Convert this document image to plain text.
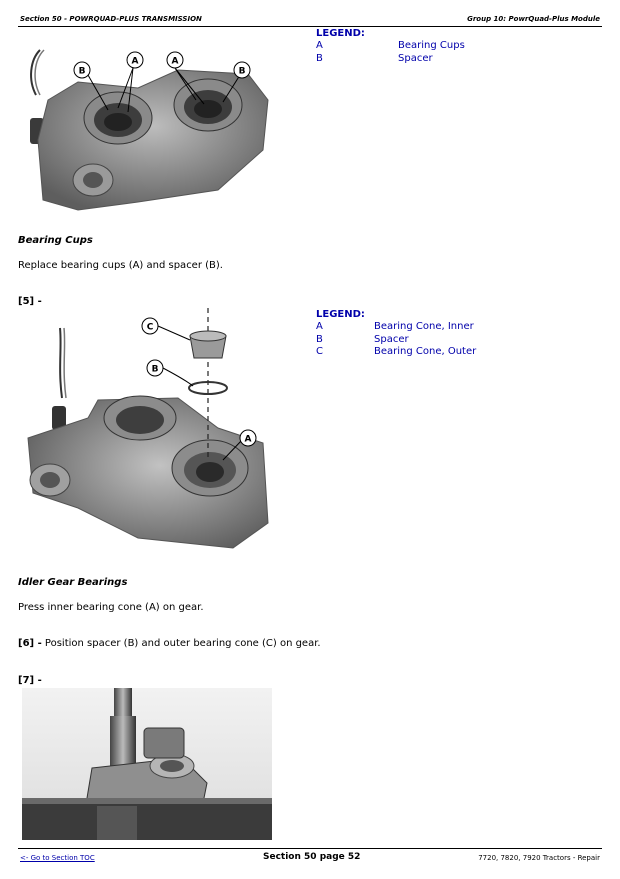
Section 50 - POWRQUAD-PLUS TRANSMISSION	Group 10: PowrQuad-Plus Module
B
A	A
B
LEGEND:
A	Bearing Cups
B	Spacer
Bearing Cups
Replace bearing cups (A) and spacer (B).
[5] -
C
B
A
LEGEND:
A	Bearing Cone, Inner
B	Spacer
C	Bearing Cone, Outer
Idler Gear Bearings
Press inner bearing cone (A) on gear.
[6] - Position spacer (B) and outer bearing cone (C) on gear.
[7] -
<- Go to Section TOC	Section 50 page 52	7720, 7820, 7920 Tractors - Repair
